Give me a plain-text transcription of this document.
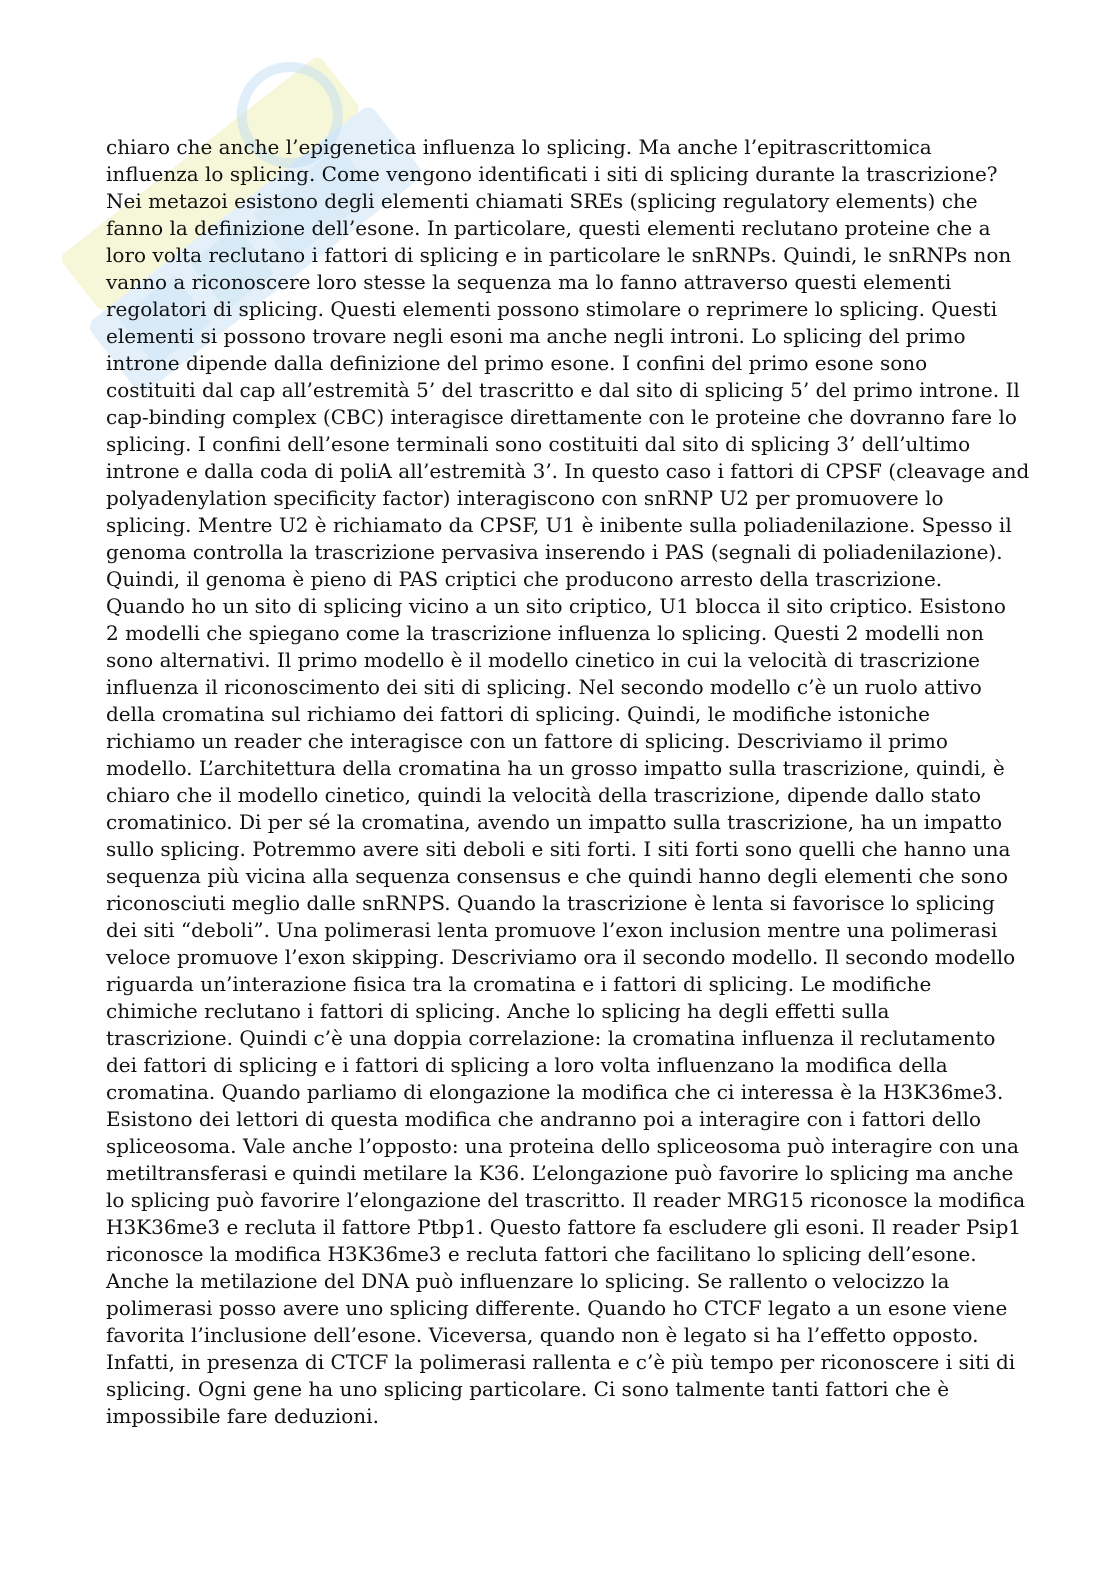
chiaro che anche l’epigenetica influenza lo splicing. Ma anche l’epitrascrittomica
influenza lo splicing. Come vengono identificati i siti di splicing durante la trascrizione?
Nei metazoi esistono degli elementi chiamati SREs (splicing regulatory elements) che
fanno la definizione dell’esone. In particolare, questi elementi reclutano proteine che a
loro volta reclutano i fattori di splicing e in particolare le snRNPs. Quindi, le snRNPs non
vanno a riconoscere loro stesse la sequenza ma lo fanno attraverso questi elementi
regolatori di splicing. Questi elementi possono stimolare o reprimere lo splicing. Questi
elementi si possono trovare negli esoni ma anche negli introni. Lo splicing del primo
introne dipende dalla definizione del primo esone. I confini del primo esone sono
costituiti dal cap all’estremità 5’ del trascritto e dal sito di splicing 5’ del primo introne. Il
cap-binding complex (CBC) interagisce direttamente con le proteine che dovranno fare lo
splicing. I confini dell’esone terminali sono costituiti dal sito di splicing 3’ dell’ultimo
introne e dalla coda di poliA all’estremità 3’. In questo caso i fattori di CPSF (cleavage and
polyadenylation specificity factor) interagiscono con snRNP U2 per promuovere lo
splicing. Mentre U2 è richiamato da CPSF, U1 è inibente sulla poliadenilazione. Spesso il
genoma controlla la trascrizione pervasiva inserendo i PAS (segnali di poliadenilazione).
Quindi, il genoma è pieno di PAS criptici che producono arresto della trascrizione.
Quando ho un sito di splicing vicino a un sito criptico, U1 blocca il sito criptico. Esistono
2 modelli che spiegano come la trascrizione influenza lo splicing. Questi 2 modelli non
sono alternativi. Il primo modello è il modello cinetico in cui la velocità di trascrizione
influenza il riconoscimento dei siti di splicing. Nel secondo modello c’è un ruolo attivo
della cromatina sul richiamo dei fattori di splicing. Quindi, le modifiche istoniche
richiamo un reader che interagisce con un fattore di splicing. Descriviamo il primo
modello. L’architettura della cromatina ha un grosso impatto sulla trascrizione, quindi, è
chiaro che il modello cinetico, quindi la velocità della trascrizione, dipende dallo stato
cromatinico. Di per sé la cromatina, avendo un impatto sulla trascrizione, ha un impatto
sullo splicing. Potremmo avere siti deboli e siti forti. I siti forti sono quelli che hanno una
sequenza più vicina alla sequenza consensus e che quindi hanno degli elementi che sono
riconosciuti meglio dalle snRNPS. Quando la trascrizione è lenta si favorisce lo splicing
dei siti “deboli”. Una polimerasi lenta promuove l’exon inclusion mentre una polimerasi
veloce promuove l’exon skipping. Descriviamo ora il secondo modello. Il secondo modello
riguarda un’interazione fisica tra la cromatina e i fattori di splicing. Le modifiche
chimiche reclutano i fattori di splicing. Anche lo splicing ha degli effetti sulla
trascrizione. Quindi c’è una doppia correlazione: la cromatina influenza il reclutamento
dei fattori di splicing e i fattori di splicing a loro volta influenzano la modifica della
cromatina. Quando parliamo di elongazione la modifica che ci interessa è la H3K36me3.
Esistono dei lettori di questa modifica che andranno poi a interagire con i fattori dello
spliceosoma. Vale anche l’opposto: una proteina dello spliceosoma può interagire con una
metiltransferasi e quindi metilare la K36. L’elongazione può favorire lo splicing ma anche
lo splicing può favorire l’elongazione del trascritto. Il reader MRG15 riconosce la modifica
H3K36me3 e recluta il fattore Ptbp1. Questo fattore fa escludere gli esoni. Il reader Psip1
riconosce la modifica H3K36me3 e recluta fattori che facilitano lo splicing dell’esone.
Anche la metilazione del DNA può influenzare lo splicing. Se rallento o velocizzo la
polimerasi posso avere uno splicing differente. Quando ho CTCF legato a un esone viene
favorita l’inclusione dell’esone. Viceversa, quando non è legato si ha l’effetto opposto.
Infatti, in presenza di CTCF la polimerasi rallenta e c’è più tempo per riconoscere i siti di
splicing. Ogni gene ha uno splicing particolare. Ci sono talmente tanti fattori che è
impossibile fare deduzioni.
